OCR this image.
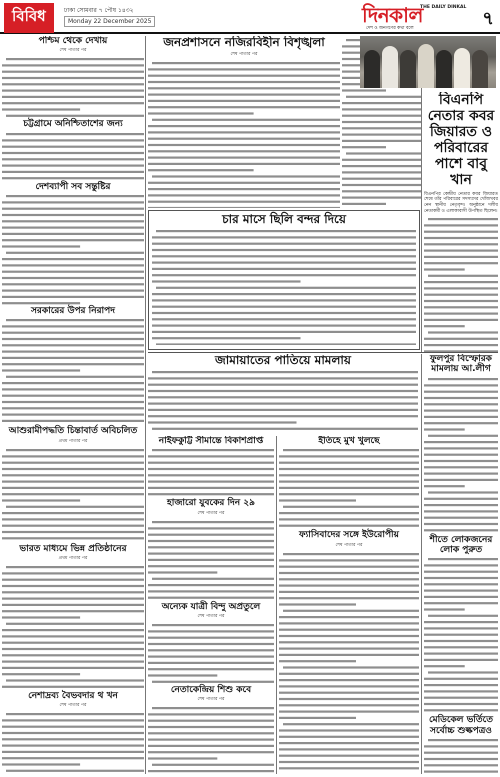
বিবিধ	ঢাকা সোমবার ৭ পৌষ ১৪৩২
Monday 22 December 2025	দিনকাল
THE DAILY DINKAL
দেশ ও জনগণের কথা বলে	৭
পশ্চিম থেকে দেখায়
শেষ পাতার পর
চট্টগ্রামে অনিশ্চিতাশের জন্য
দেশব্যাপী সব সন্তুষ্টির
সরকারের উপর নিরাপদ
আশুরামীপদ্ধতি চিন্তাবার্ত অবিচলিত
প্রথম পাতার পর
ভারত মাধ্যমে ভিন্ন প্রতিষ্ঠানের
প্রথম পাতার পর
নেশাদ্রব্য বৈভবদার থ খন
শেষ পাতার পর
জনপ্রশাসনে নজিরবিহীন বিশৃঙ্খলা
শেষ পাতার পর
চার মাসে ছিলি বন্দর দিয়ে
জামায়াতের পাতিয়ে মামলায়
নাইফকুট্টি সীমান্তে বিকাশপ্রাপ্ত
হাজারো যুবকের দিন ২৯
শেষ পাতার পর
অন্যেক যাত্রী বিন্দু অপ্রতুলে
শেষ পাতার পর
নেতাকেন্দ্রিয় শিশু কবে
শেষ পাতার পর
ইতিহে মুখ খুলছে
ফ্যাসিবাদের সঙ্গে ইউরোপীয়
শেষ পাতার পর
বিএনপি নেতার কবর জিয়ারত ও পরিবারের পাশে বাবু খান
বিএনপির কেন্দ্রীয় নেতার কবর জিয়ারত শেষে তাঁর পরিবারের সদস্যদের খোঁজখবর নেন স্থানীয় নেতৃবৃন্দ। অনুষ্ঠানে দলীয় নেতাকর্মী ও এলাকাবাসী উপস্থিত ছিলেন।
ফুলপুর বিস্ফোরক মামলায় আ.লীগ
শীতে লোকজনের লোক পুরুত
মেডিকেল ভর্তিতে সর্বোচ্চ শুল্কপত্রও
